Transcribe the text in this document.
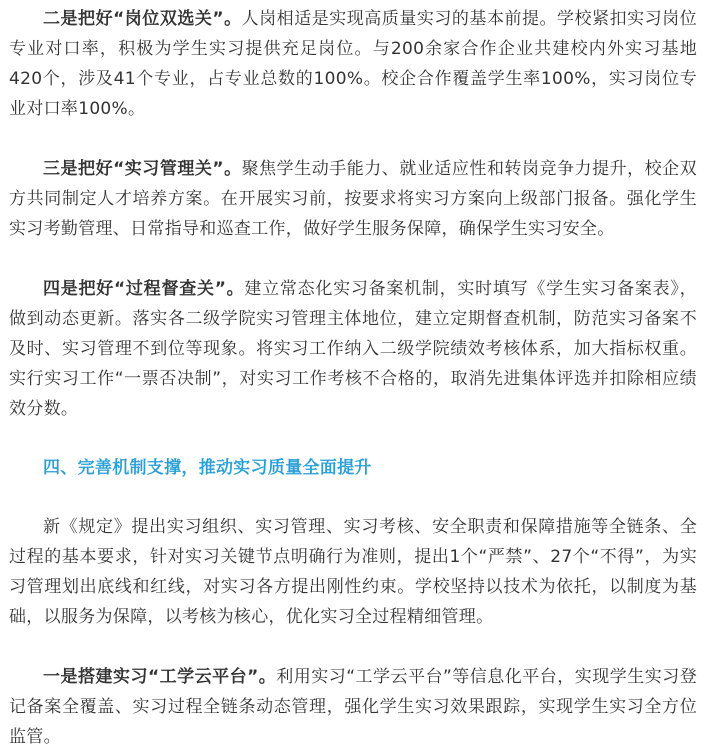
二是把好“岗位双选关”。人岗相适是实现高质量实习的基本前提。学校紧扣实习岗位专业对口率，积极为学生实习提供充足岗位。与200余家合作企业共建校内外实习基地420个，涉及41个专业，占专业总数的100%。校企合作覆盖学生率100%，实习岗位专业对口率100%。

三是把好“实习管理关”。聚焦学生动手能力、就业适应性和转岗竞争力提升，校企双方共同制定人才培养方案。在开展实习前，按要求将实习方案向上级部门报备。强化学生实习考勤管理、日常指导和巡查工作，做好学生服务保障，确保学生实习安全。

四是把好“过程督查关”。建立常态化实习备案机制，实时填写《学生实习备案表》，做到动态更新。落实各二级学院实习管理主体地位，建立定期督查机制，防范实习备案不及时、实习管理不到位等现象。将实习工作纳入二级学院绩效考核体系，加大指标权重。实行实习工作“一票否决制”，对实习工作考核不合格的，取消先进集体评选并扣除相应绩效分数。

四、完善机制支撑，推动实习质量全面提升

新《规定》提出实习组织、实习管理、实习考核、安全职责和保障措施等全链条、全过程的基本要求，针对实习关键节点明确行为准则，提出1个“严禁”、27个“不得”，为实习管理划出底线和红线，对实习各方提出刚性约束。学校坚持以技术为依托，以制度为基础，以服务为保障，以考核为核心，优化实习全过程精细管理。

一是搭建实习“工学云平台”。利用实习“工学云平台”等信息化平台，实现学生实习登记备案全覆盖、实习过程全链条动态管理，强化学生实习效果跟踪，实现学生实习全方位监管。
